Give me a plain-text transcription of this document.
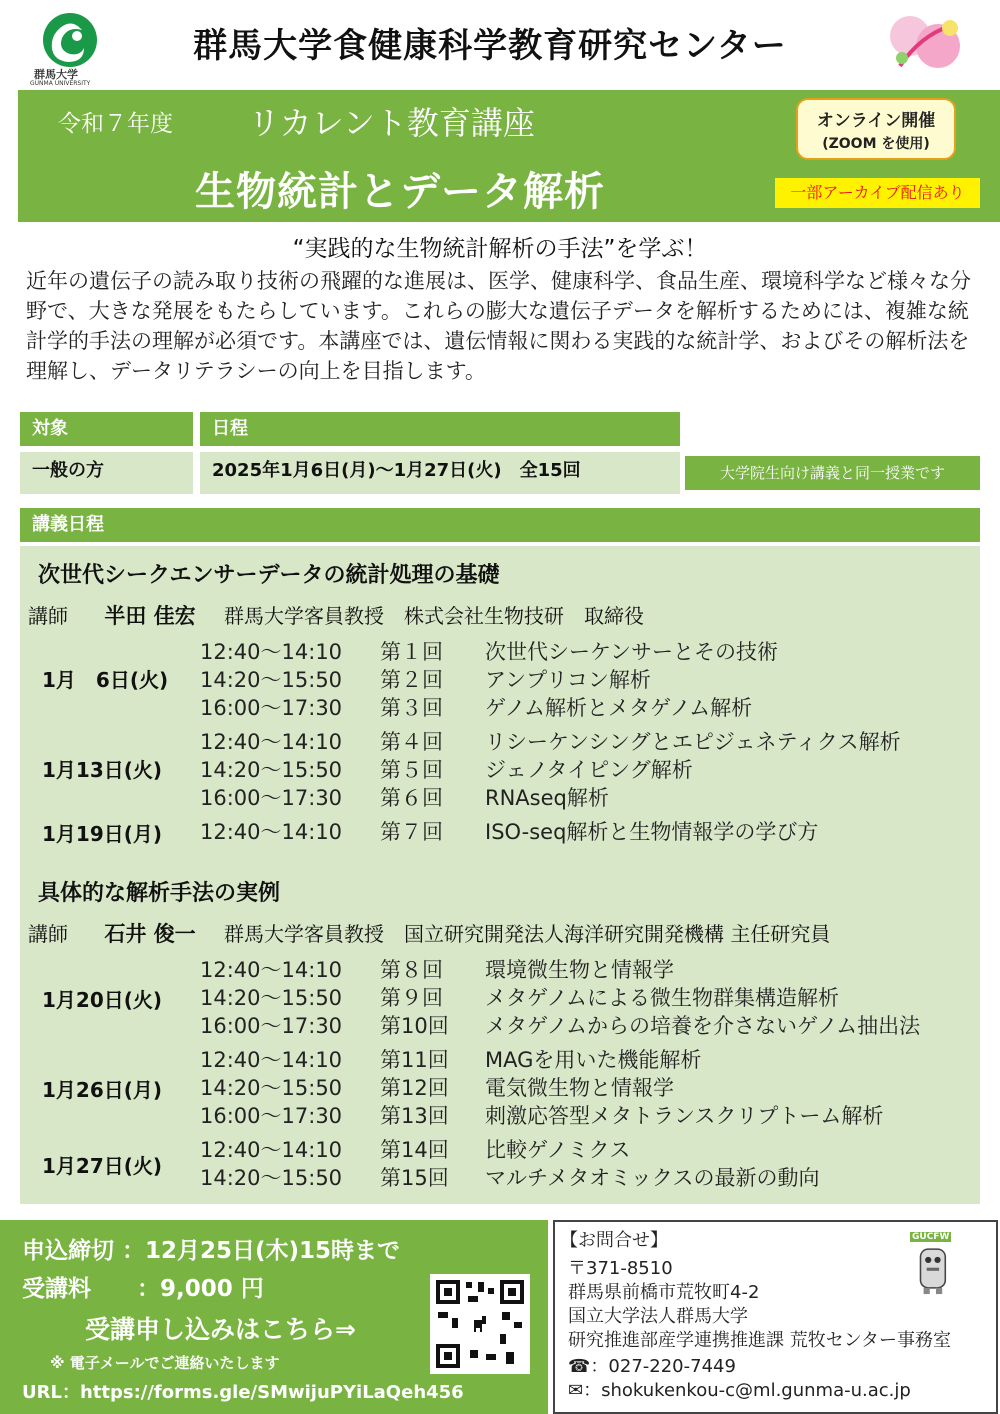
群馬大学
GUNMA UNIVERSITY
群馬大学食健康科学教育研究センター
令和７年度 リカレント教育講座
生物統計とデータ解析
オンライン開催
(ZOOM を使用)
一部アーカイブ配信あり
“実践的な生物統計解析の手法”を学ぶ！

近年の遺伝子の読み取り技術の飛躍的な進展は、医学、健康科学、食品生産、環境科学など様々な分野で、大きな発展をもたらしています。これらの膨大な遺伝子データを解析するためには、複雑な統計学的手法の理解が必須です。本講座では、遺伝情報に関わる実践的な統計学、およびその解析法を理解し、データリテラシーの向上を目指します。

対象	日程
一般の方	2025年1月6日(月)～1月27日(火)　全15回	大学院生向け講義と同一授業です
講義日程
次世代シークエンサーデータの統計処理の基礎
講師 半田 佳宏 群馬大学客員教授　株式会社生物技研　取締役
1月　6日(火)
12:40～14:10 第１回 次世代シーケンサーとその技術
14:20～15:50 第２回 アンプリコン解析
16:00～17:30 第３回 ゲノム解析とメタゲノム解析
1月13日(火)
12:40～14:10 第４回 リシーケンシングとエピジェネティクス解析
14:20～15:50 第５回 ジェノタイピング解析
16:00～17:30 第６回 RNAseq解析
1月19日(月) 12:40～14:10 第７回 ISO-seq解析と生物情報学の学び方
具体的な解析手法の実例
講師 石井 俊一 群馬大学客員教授　国立研究開発法人海洋研究開発機構 主任研究員
1月20日(火)
12:40～14:10 第８回 環境微生物と情報学
14:20～15:50 第９回 メタゲノムによる微生物群集構造解析
16:00～17:30 第10回 メタゲノムからの培養を介さないゲノム抽出法
1月26日(月)
12:40～14:10 第11回 MAGを用いた機能解析
14:20～15:50 第12回 電気微生物と情報学
16:00～17:30 第13回 刺激応答型メタトランスクリプトーム解析
1月27日(火)
12:40～14:10 第14回 比較ゲノミクス
14:20～15:50 第15回 マルチメタオミックスの最新の動向
申込締切 ：12月25日(木)15時まで
受講料　　：9,000 円
受講申し込みはこちら⇒
※ 電子メールでご連絡いたします
URL：https://forms.gle/SMwijuPYiLaQeh456
【お問合せ】
〒371-8510
群馬県前橋市荒牧町4-2
国立大学法人群馬大学
研究推進部産学連携推進課 荒牧センター事務室
☎：027-220-7449
✉：shokukenkou-c@ml.gunma-u.ac.jp
GUCFW
